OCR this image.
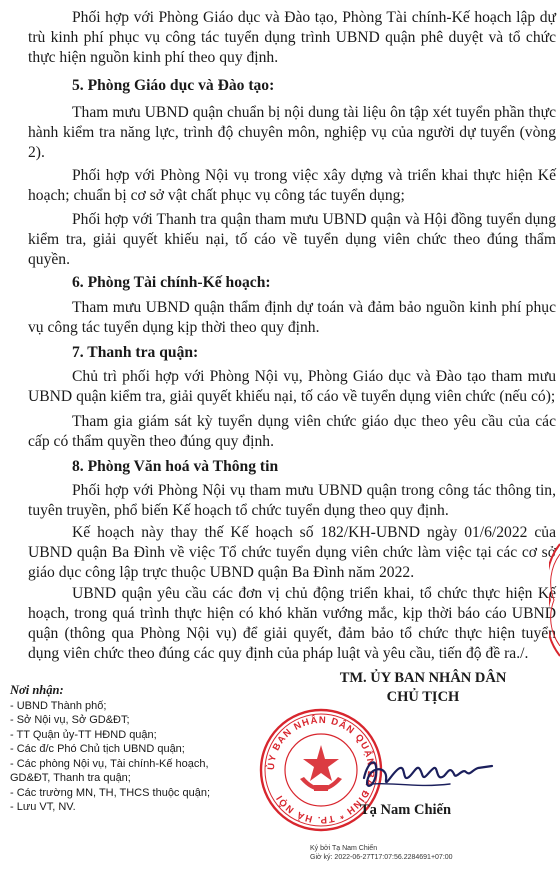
Phối hợp với Phòng Giáo dục và Đào tạo, Phòng Tài chính-Kế hoạch lập dự trù kinh phí phục vụ công tác tuyển dụng trình UBND quận phê duyệt và tổ chức thực hiện nguồn kinh phí theo quy định.
5. Phòng Giáo dục và Đào tạo:
Tham mưu UBND quận chuẩn bị nội dung tài liệu ôn tập xét tuyển phần thực hành kiểm tra năng lực, trình độ chuyên môn, nghiệp vụ của người dự tuyển (vòng 2).
Phối hợp với Phòng Nội vụ trong việc xây dựng và triển khai thực hiện Kế hoạch; chuẩn bị cơ sở vật chất phục vụ công tác tuyển dụng;
Phối hợp với Thanh tra quận tham mưu UBND quận và Hội đồng tuyển dụng kiểm tra, giải quyết khiếu nại, tố cáo về tuyển dụng viên chức theo đúng thẩm quyền.
6. Phòng Tài chính-Kế hoạch:
Tham mưu UBND quận thẩm định dự toán và đảm bảo nguồn kinh phí phục vụ công tác tuyển dụng kịp thời theo quy định.
7. Thanh tra quận:
Chủ trì phối hợp với Phòng Nội vụ, Phòng Giáo dục và Đào tạo tham mưu UBND quận kiểm tra, giải quyết khiếu nại, tố cáo về tuyển dụng viên chức (nếu có);
Tham gia giám sát kỳ tuyển dụng viên chức giáo dục theo yêu cầu của các cấp có thẩm quyền theo đúng quy định.
8. Phòng Văn hoá và Thông tin
Phối hợp với Phòng Nội vụ tham mưu UBND quận trong công tác thông tin, tuyên truyền, phổ biến Kế hoạch tổ chức tuyển dụng theo quy định.
Kế hoạch này thay thế Kế hoạch số 182/KH-UBND ngày 01/6/2022 của UBND quận Ba Đình về việc Tổ chức tuyển dụng viên chức làm việc tại các cơ sở giáo dục công lập trực thuộc UBND quận Ba Đình năm 2022.
UBND quận yêu cầu các đơn vị chủ động triển khai, tổ chức thực hiện Kế hoạch, trong quá trình thực hiện có khó khăn vướng mắc, kịp thời báo cáo UBND quận (thông qua Phòng Nội vụ) để giải quyết, đảm bảo tổ chức thực hiện tuyển dụng viên chức theo đúng các quy định của pháp luật và yêu cầu, tiến độ đề ra./.
Nơi nhận:
- UBND Thành phố;
- Sở Nội vụ, Sở GD&ĐT;
- TT Quận ủy-TT HĐND quận;
- Các đ/c Phó Chủ tịch UBND quận;
- Các phòng Nội vụ, Tài chính-Kế hoạch,
GD&ĐT, Thanh tra quận;
- Các trường MN, TH, THCS thuộc quận;
- Lưu VT, NV.
TM. ỦY BAN NHÂN DÂN
CHỦ TỊCH
ỦY BAN NHÂN DÂN QUẬN BA ĐÌNH * TP. HÀ NỘI
Tạ Nam Chiến
Ký bởi Tạ Nam Chiến
Giờ ký: 2022-06-27T17:07:56.2284691+07:00
